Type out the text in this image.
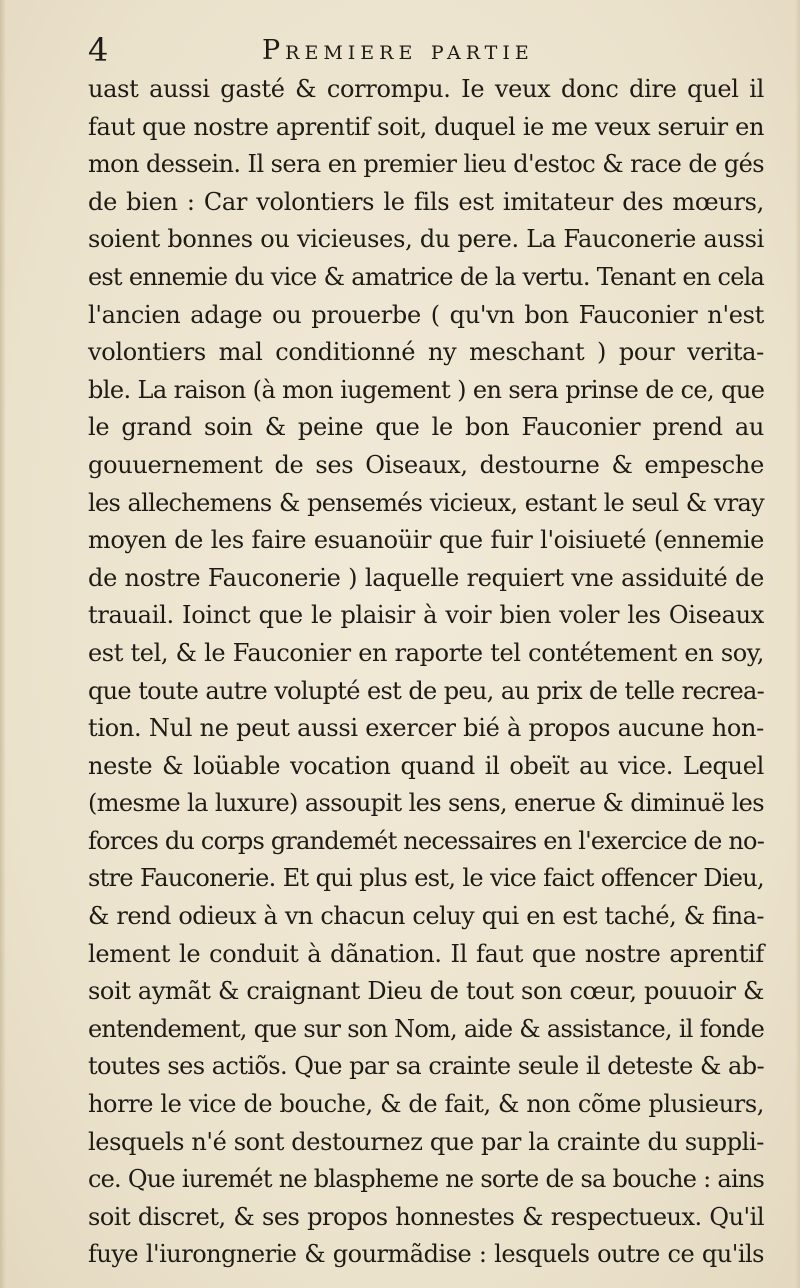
4	Premiere partie
uast aussi gasté & corrompu. Ie veux donc dire quel il
faut que nostre aprentif soit, duquel ie me veux seruir en
mon dessein. Il sera en premier lieu d'estoc & race de gés
de bien : Car volontiers le fils est imitateur des mœurs,
soient bonnes ou vicieuses, du pere. La Fauconerie aussi
est ennemie du vice & amatrice de la vertu. Tenant en cela
l'ancien adage ou prouerbe ( qu'vn bon Fauconier n'est
volontiers mal conditionné ny meschant ) pour verita-
ble. La raison (à mon iugement ) en sera prinse de ce, que
le grand soin & peine que le bon Fauconier prend au
gouuernement de ses Oiseaux, destourne & empesche
les allechemens & pensemés vicieux, estant le seul & vray
moyen de les faire esuanoüir que fuir l'oisiueté (ennemie
de nostre Fauconerie ) laquelle requiert vne assiduité de
trauail. Ioinct que le plaisir à voir bien voler les Oiseaux
est tel, & le Fauconier en raporte tel contétement en soy,
que toute autre volupté est de peu, au prix de telle recrea-
tion. Nul ne peut aussi exercer bié à propos aucune hon-
neste & loüable vocation quand il obeït au vice. Lequel
(mesme la luxure) assoupit les sens, enerue & diminuë les
forces du corps grandemét necessaires en l'exercice de no-
stre Fauconerie. Et qui plus est, le vice faict offencer Dieu,
& rend odieux à vn chacun celuy qui en est taché, & fina-
lement le conduit à dãnation. Il faut que nostre aprentif
soit aymãt & craignant Dieu de tout son cœur, pouuoir &
entendement, que sur son Nom, aide & assistance, il fonde
toutes ses actiõs. Que par sa crainte seule il deteste & ab-
horre le vice de bouche, & de fait, & non cõme plusieurs,
lesquels n'é sont destournez que par la crainte du suppli-
ce. Que iuremét ne blaspheme ne sorte de sa bouche : ains
soit discret, & ses propos honnestes & respectueux. Qu'il
fuye l'iurongnerie & gourmãdise : lesquels outre ce qu'ils
